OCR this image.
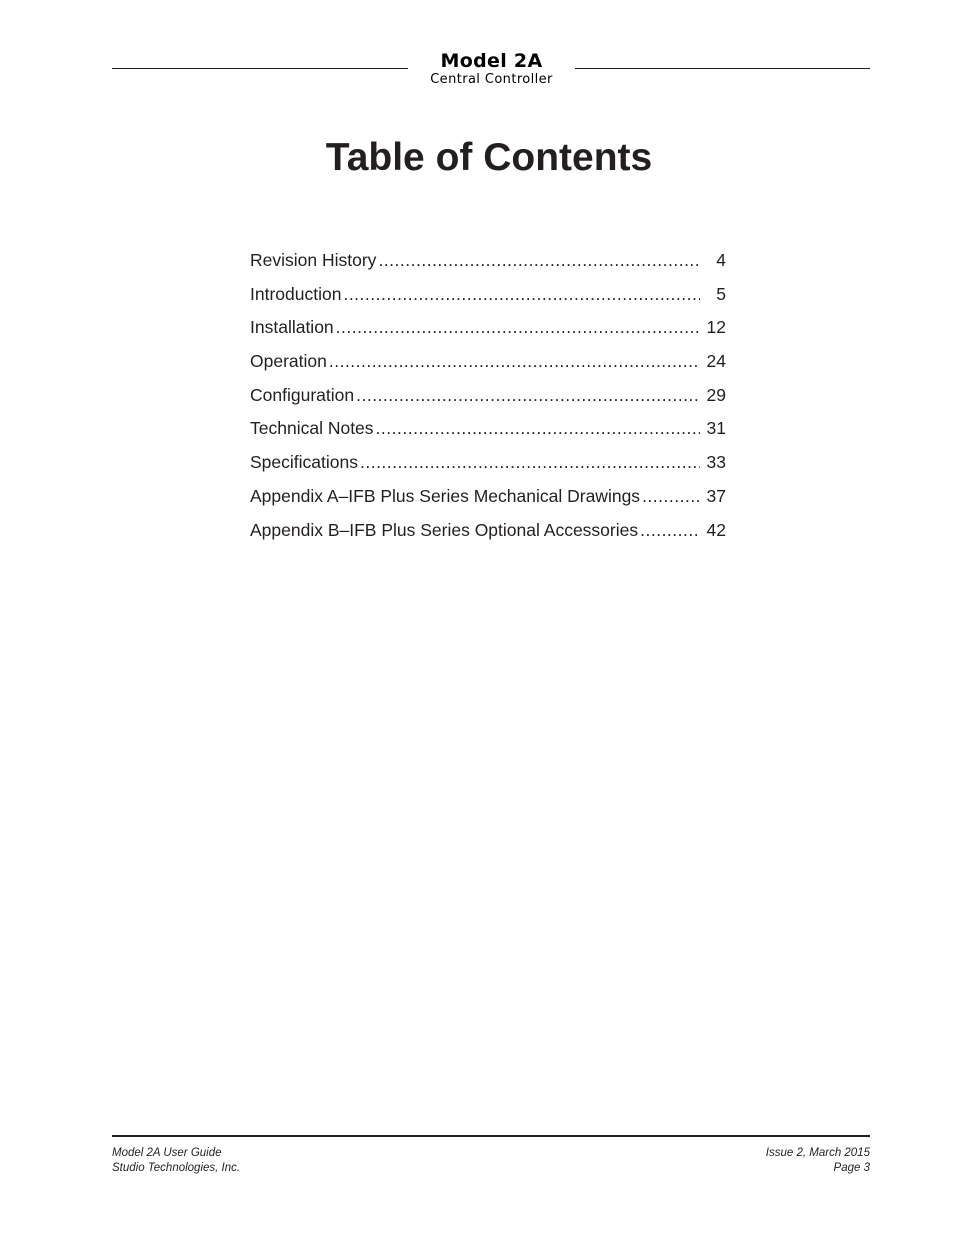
Model 2A
Central Controller
Table of Contents
Revision History .....	4
Introduction .....	5
Installation .....	12
Operation .....	24
Configuration .....	29
Technical Notes .....	31
Specifications .....	33
Appendix A–IFB Plus Series Mechanical Drawings .....	37
Appendix B–IFB Plus Series Optional Accessories .....	42
Model 2A User Guide
Studio Technologies, Inc.
Issue 2, March 2015
Page 3
